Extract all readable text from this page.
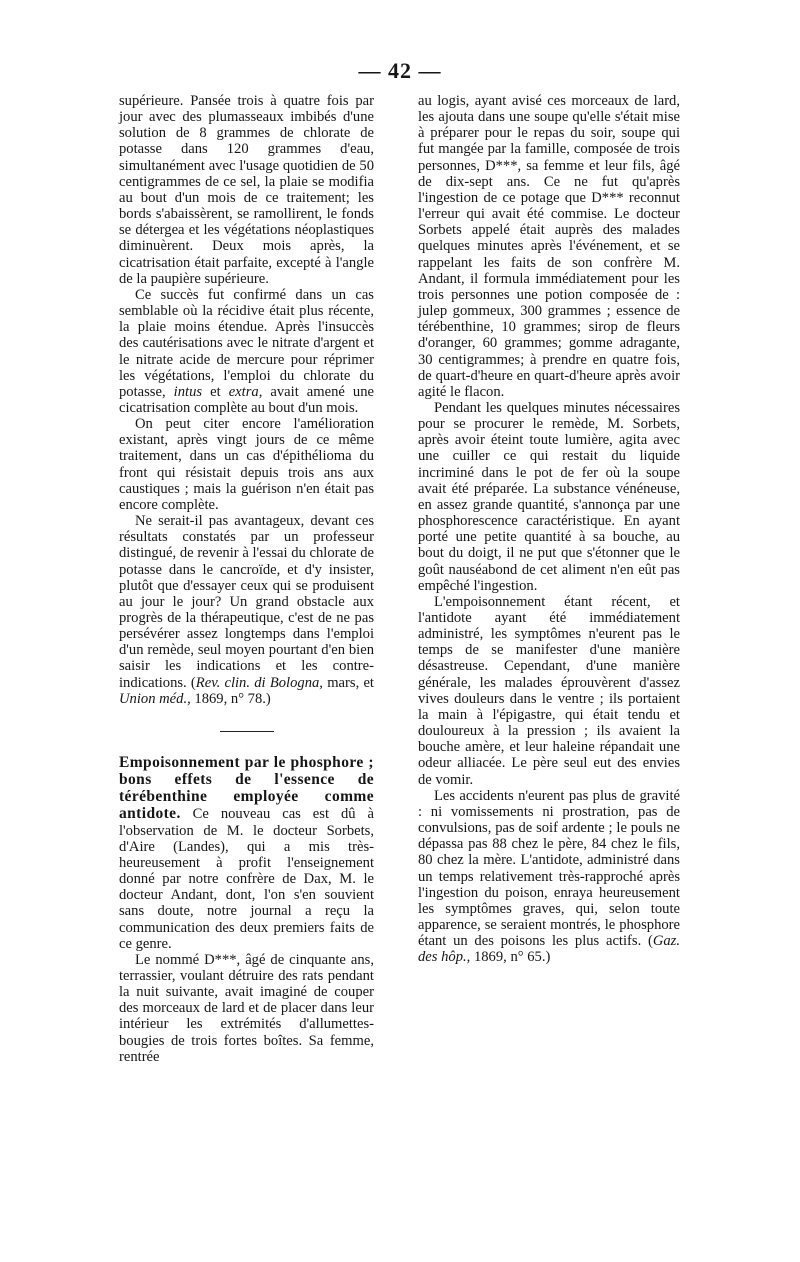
— 42 —

supérieure. Pansée trois à quatre fois par jour avec des plumasseaux imbibés d'une solution de 8 grammes de chlorate de potasse dans 120 grammes d'eau, simultanément avec l'usage quotidien de 50 centigrammes de ce sel, la plaie se modifia au bout d'un mois de ce traitement; les bords s'abaissèrent, se ramollirent, le fonds se détergea et les végétations néoplastiques diminuèrent. Deux mois après, la cicatrisation était parfaite, excepté à l'angle de la paupière supérieure.

Ce succès fut confirmé dans un cas semblable où la récidive était plus récente, la plaie moins étendue. Après l'insuccès des cautérisations avec le nitrate d'argent et le nitrate acide de mercure pour réprimer les végétations, l'emploi du chlorate du potasse, intus et extra, avait amené une cicatrisation complète au bout d'un mois.

On peut citer encore l'amélioration existant, après vingt jours de ce même traitement, dans un cas d'épithélioma du front qui résistait depuis trois ans aux caustiques ; mais la guérison n'en était pas encore complète.

Ne serait-il pas avantageux, devant ces résultats constatés par un professeur distingué, de revenir à l'essai du chlorate de potasse dans le cancroïde, et d'y insister, plutôt que d'essayer ceux qui se produisent au jour le jour? Un grand obstacle aux progrès de la thérapeutique, c'est de ne pas persévérer assez longtemps dans l'emploi d'un remède, seul moyen pourtant d'en bien saisir les indications et les contre-indications. (Rev. clin. di Bologna, mars, et Union méd., 1869, n° 78.)

Empoisonnement par le phosphore ; bons effets de l'essence de térébenthine employée comme antidote. Ce nouveau cas est dû à l'observation de M. le docteur Sorbets, d'Aire (Landes), qui a mis très-heureusement à profit l'enseignement donné par notre confrère de Dax, M. le docteur Andant, dont, l'on s'en souvient sans doute, notre journal a reçu la communication des deux premiers faits de ce genre.

Le nommé D***, âgé de cinquante ans, terrassier, voulant détruire des rats pendant la nuit suivante, avait imaginé de couper des morceaux de lard et de placer dans leur intérieur les extrémités d'allumettes-bougies de trois fortes boîtes. Sa femme, rentrée

au logis, ayant avisé ces morceaux de lard, les ajouta dans une soupe qu'elle s'était mise à préparer pour le repas du soir, soupe qui fut mangée par la famille, composée de trois personnes, D***, sa femme et leur fils, âgé de dix-sept ans. Ce ne fut qu'après l'ingestion de ce potage que D*** reconnut l'erreur qui avait été commise. Le docteur Sorbets appelé était auprès des malades quelques minutes après l'événement, et se rappelant les faits de son confrère M. Andant, il formula immédiatement pour les trois personnes une potion composée de : julep gommeux, 300 grammes ; essence de térébenthine, 10 grammes; sirop de fleurs d'oranger, 60 grammes; gomme adragante, 30 centigrammes; à prendre en quatre fois, de quart-d'heure en quart-d'heure après avoir agité le flacon.

Pendant les quelques minutes nécessaires pour se procurer le remède, M. Sorbets, après avoir éteint toute lumière, agita avec une cuiller ce qui restait du liquide incriminé dans le pot de fer où la soupe avait été préparée. La substance vénéneuse, en assez grande quantité, s'annonça par une phosphorescence caractéristique. En ayant porté une petite quantité à sa bouche, au bout du doigt, il ne put que s'étonner que le goût nauséabond de cet aliment n'en eût pas empêché l'ingestion.

L'empoisonnement étant récent, et l'antidote ayant été immédiatement administré, les symptômes n'eurent pas le temps de se manifester d'une manière désastreuse. Cependant, d'une manière générale, les malades éprouvèrent d'assez vives douleurs dans le ventre ; ils portaient la main à l'épigastre, qui était tendu et douloureux à la pression ; ils avaient la bouche amère, et leur haleine répandait une odeur alliacée. Le père seul eut des envies de vomir.

Les accidents n'eurent pas plus de gravité : ni vomissements ni prostration, pas de convulsions, pas de soif ardente ; le pouls ne dépassa pas 88 chez le père, 84 chez le fils, 80 chez la mère. L'antidote, administré dans un temps relativement très-rapproché après l'ingestion du poison, enraya heureusement les symptômes graves, qui, selon toute apparence, se seraient montrés, le phosphore étant un des poisons les plus actifs. (Gaz. des hôp., 1869, n° 65.)
